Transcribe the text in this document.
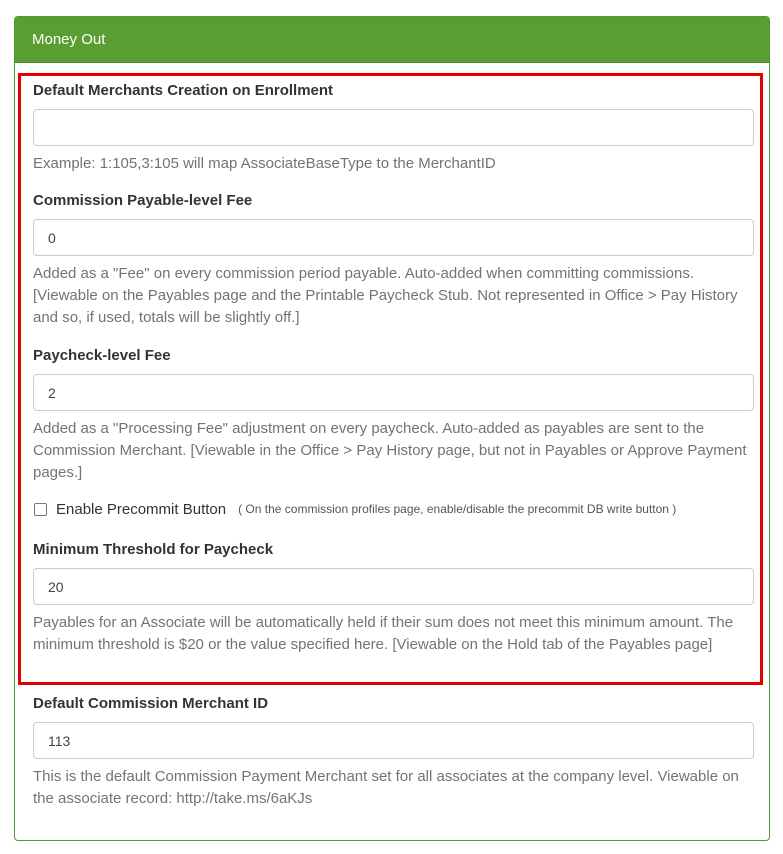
Money Out
Default Merchants Creation on Enrollment
Example: 1:105,3:105 will map AssociateBaseType to the MerchantID
Commission Payable-level Fee
0
Added as a "Fee" on every commission period payable. Auto-added when committing commissions. [Viewable on the Payables page and the Printable Paycheck Stub. Not represented in Office > Pay History and so, if used, totals will be slightly off.]
Paycheck-level Fee
2
Added as a "Processing Fee" adjustment on every paycheck. Auto-added as payables are sent to the Commission Merchant. [Viewable in the Office > Pay History page, but not in Payables or Approve Payment pages.]
Enable Precommit Button ( On the commission profiles page, enable/disable the precommit DB write button )
Minimum Threshold for Paycheck
20
Payables for an Associate will be automatically held if their sum does not meet this minimum amount. The minimum threshold is $20 or the value specified here. [Viewable on the Hold tab of the Payables page]
Default Commission Merchant ID
113
This is the default Commission Payment Merchant set for all associates at the company level. Viewable on the associate record: http://take.ms/6aKJs
